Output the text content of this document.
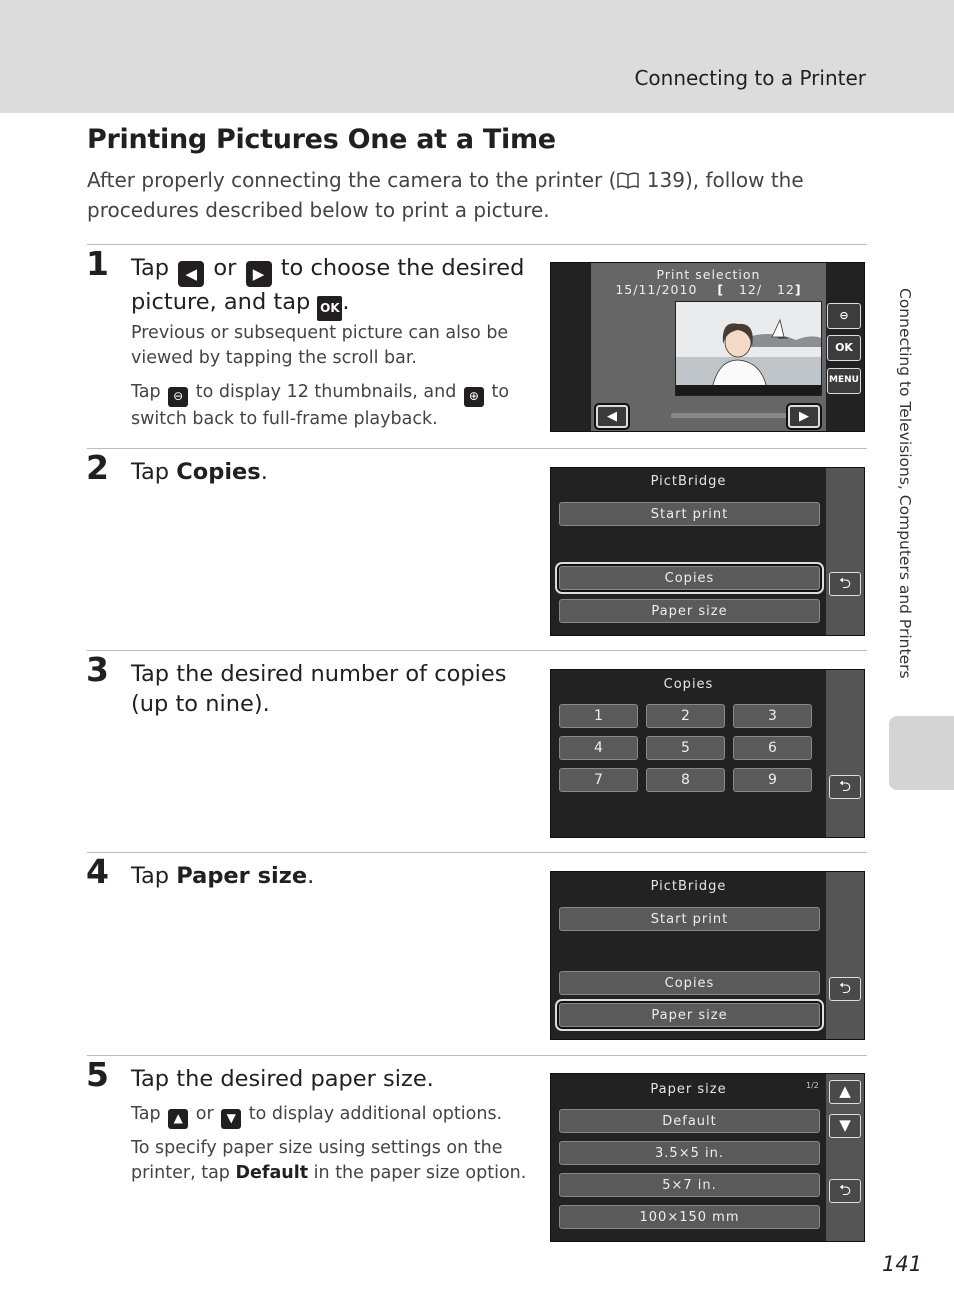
Connecting to a Printer
Printing Pictures One at a Time
After properly connecting the camera to the printer ( 139), follow the procedures described below to print a picture.
1 Tap ◀ or ▶ to choose the desired picture, and tap OK .
Previous or subsequent picture can also be viewed by tapping the scroll bar.
Tap ⊖ to display 12 thumbnails, and ⊕ to switch back to full-frame playback.
Print selection
15/11/2010 [ 12/ 12]
◀	▶
⊖
OK
MENU
2 Tap Copies.	PictBridge
Start print
Copies
Paper size
⮌
3 Tap the desired number of copies (up to nine).
Copies
1	2	3
4	5	6
7	8	9	⮌
4 Tap Paper size.	PictBridge
Start print
Copies
Paper size
⮌
5 Tap the desired paper size.
Tap ▲ or ▼ to display additional options.
To specify paper size using settings on the printer, tap Default in the paper size option.
Paper size	1/2
Default
3.5×5 in.
5×7 in.
100×150 mm
▲
▼
⮌
Connecting to Televisions, Computers and Printers
141
